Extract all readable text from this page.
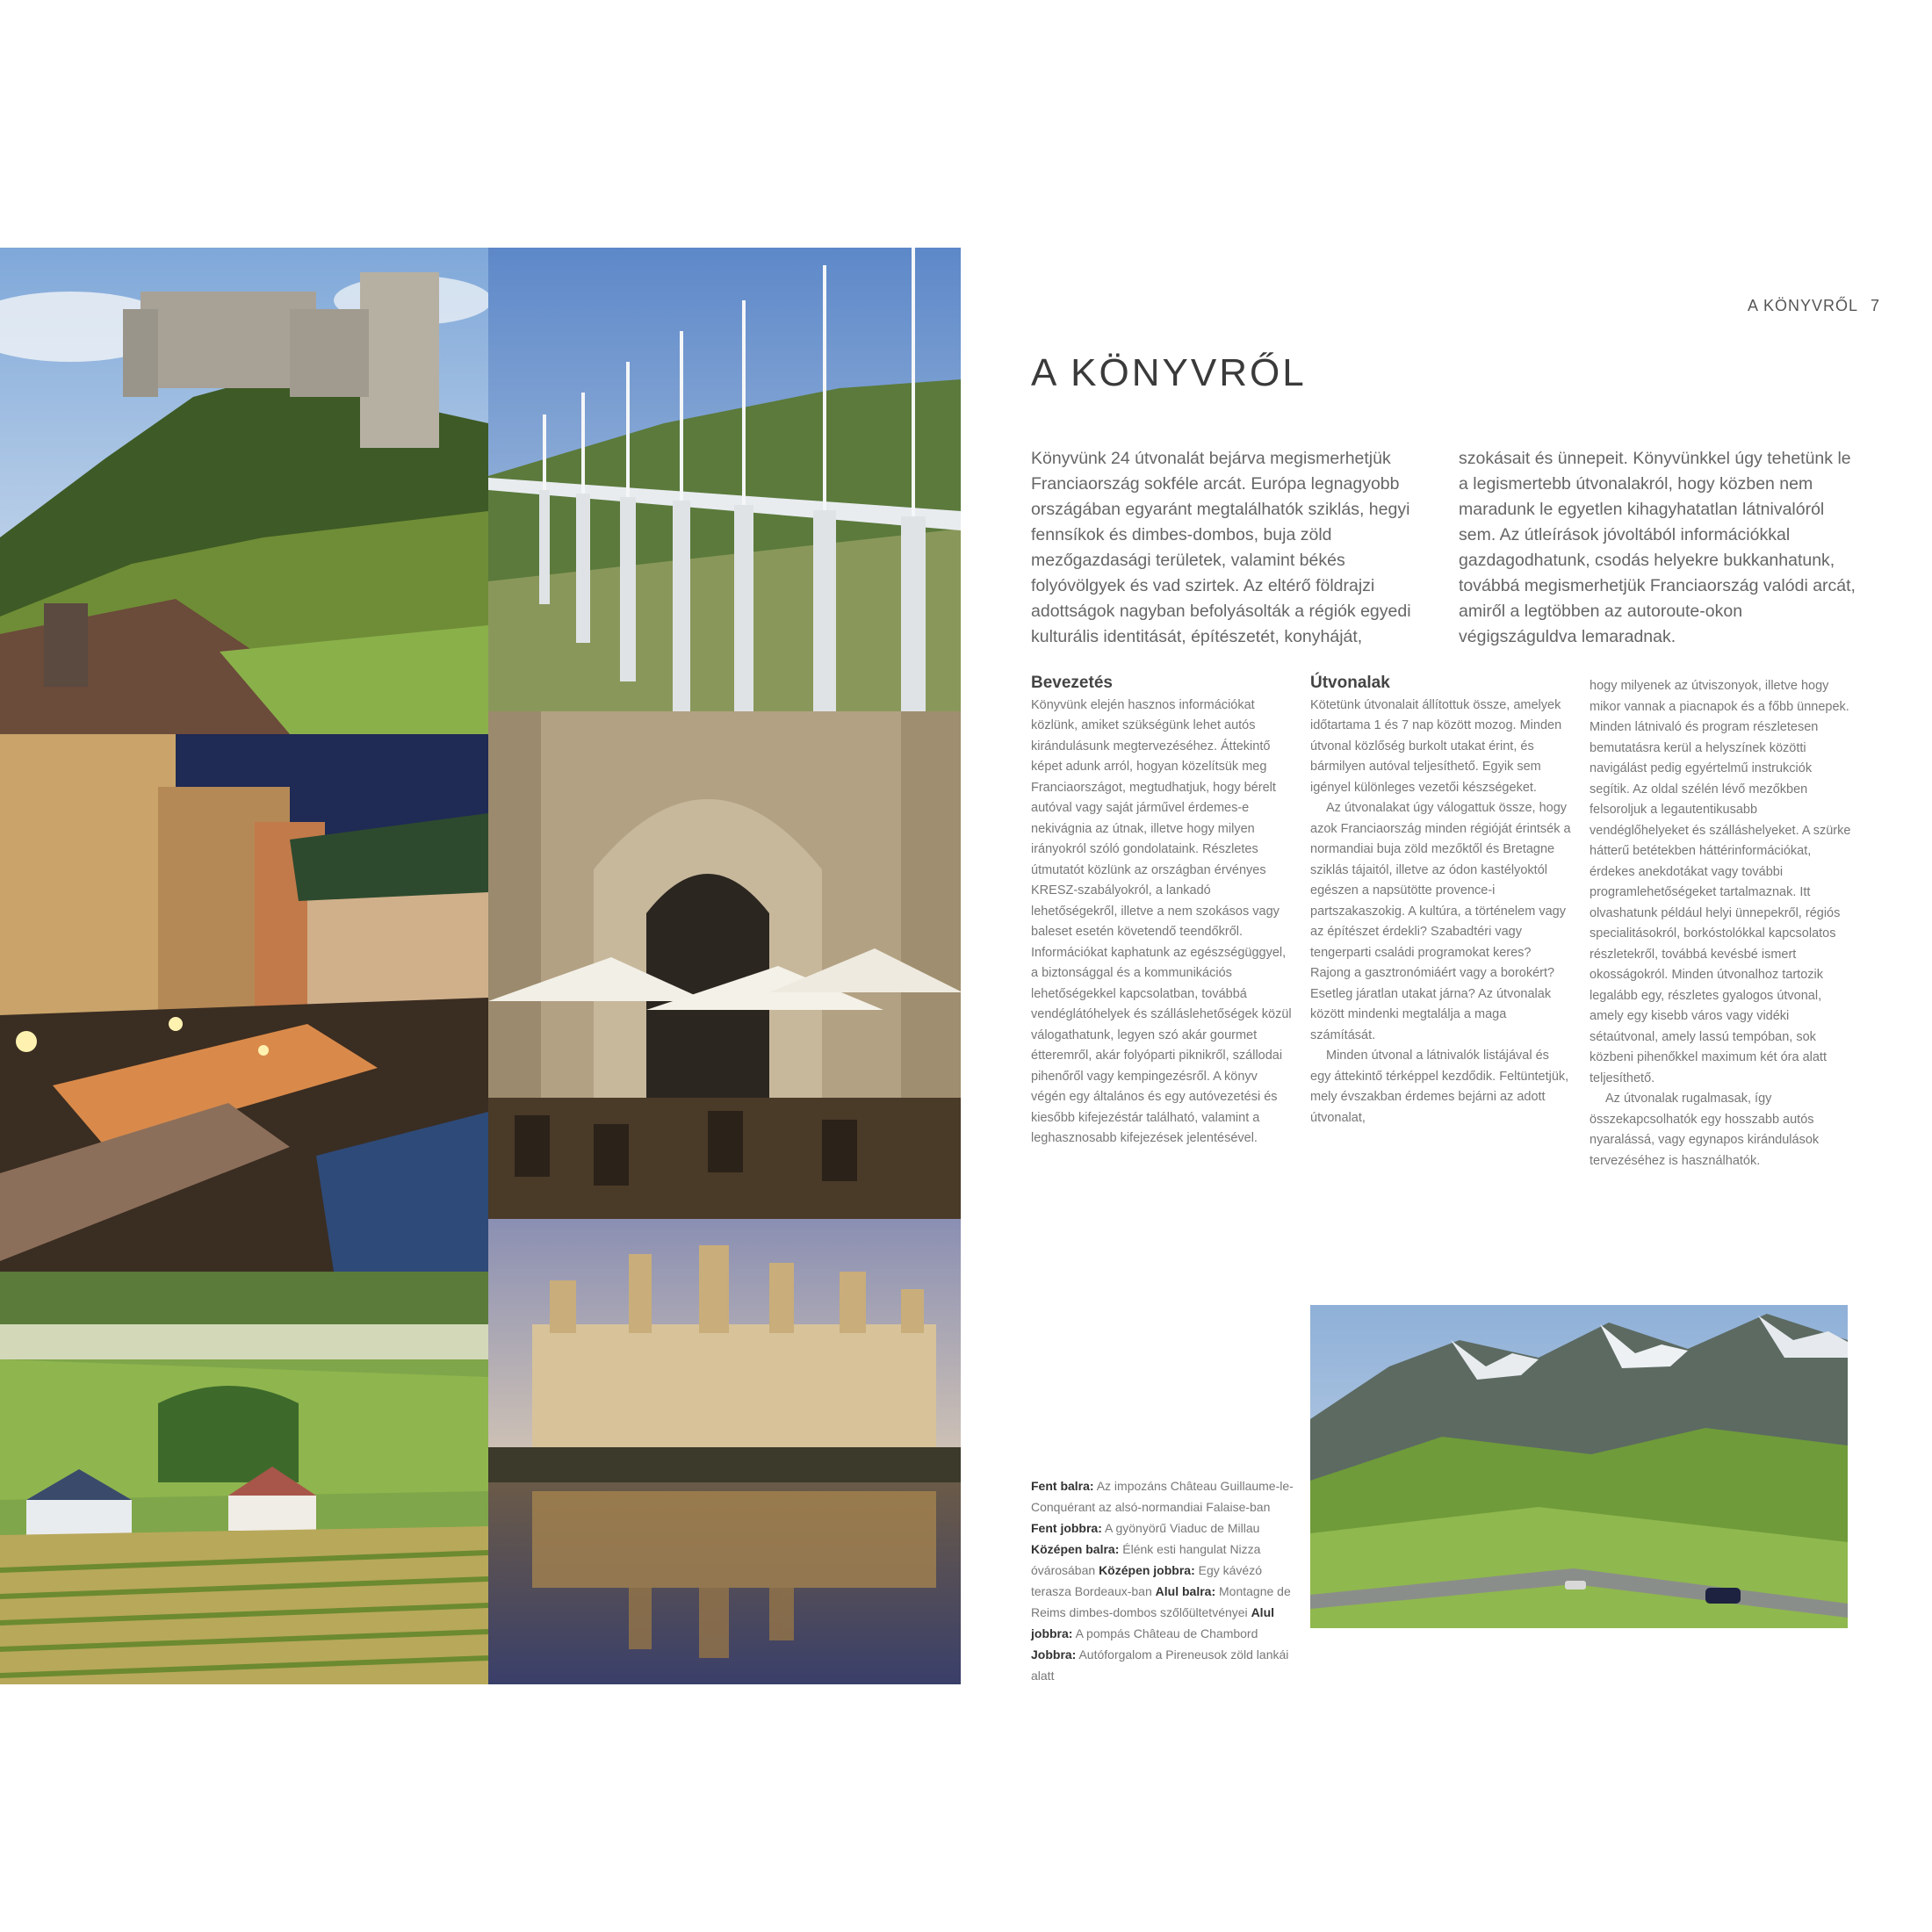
A KÖNYVRŐL 7
A KÖNYVRŐL

Könyvünk 24 útvonalát bejárva megismerhetjük Franciaország sokféle arcát. Európa legnagyobb országában egyaránt megtalálhatók sziklás, hegyi fennsíkok és dimbes-dombos, buja zöld mezőgazdasági területek, valamint békés folyóvölgyek és vad szirtek. Az eltérő földrajzi adottságok nagyban befolyásolták a régiók egyedi kulturális identitását, építészetét, konyháját, szokásait és ünnepeit. Könyvünkkel úgy tehetünk le a legismertebb útvonalakról, hogy közben nem maradunk le egyetlen kihagyhatatlan látnivalóról sem. Az útleírások jóvoltából információkkal gazdagodhatunk, csodás helyekre bukkanhatunk, továbbá megismerhetjük Franciaország valódi arcát, amiről a legtöbben az autoroute-okon végigszáguldva lemaradnak.

Bevezetés

Könyvünk elején hasznos információkat közlünk, amiket szükségünk lehet autós kirándulásunk megtervezéséhez. Áttekintő képet adunk arról, hogyan közelítsük meg Franciaországot, megtudhatjuk, hogy bérelt autóval vagy saját járművel érdemes-e nekivágnia az útnak, illetve hogy milyen irányokról szóló gondolataink. Részletes útmutatót közlünk az országban érvényes KRESZ-szabályokról, a lankadó lehetőségekről, illetve a nem szokásos vagy baleset esetén követendő teendőkről. Információkat kaphatunk az egészségüggyel, a biztonsággal és a kommunikációs lehetőségekkel kapcsolatban, továbbá vendéglátóhelyek és szálláslehetőségek közül válogathatunk, legyen szó akár gourmet étteremről, akár folyóparti piknikről, szállodai pihenőről vagy kempingezésről. A könyv végén egy általános és egy autóvezetési és kiesőbb kifejezéstár található, valamint a leghasznosabb kifejezések jelentésével.

Útvonalak

Kötetünk útvonalait állítottuk össze, amelyek időtartama 1 és 7 nap között mozog. Minden útvonal közlőség burkolt utakat érint, és bármilyen autóval teljesíthető. Egyik sem igényel különleges vezetői készségeket.

Az útvonalakat úgy válogattuk össze, hogy azok Franciaország minden régióját érintsék a normandiai buja zöld mezőktől és Bretagne sziklás tájaitól, illetve az ódon kastélyoktól egészen a napsütötte provence-i partszakaszokig. A kultúra, a történelem vagy az építészet érdekli? Szabadtéri vagy tengerparti családi programokat keres? Rajong a gasztronómiáért vagy a borokért? Esetleg járatlan utakat járna? Az útvonalak között mindenki megtalálja a maga számítását.

Minden útvonal a látnivalók listájával és egy áttekintő térképpel kezdődik. Feltüntetjük, mely évszakban érdemes bejárni az adott útvonalat,

hogy milyenek az útviszonyok, illetve hogy mikor vannak a piacnapok és a főbb ünnepek. Minden látnivaló és program részletesen bemutatásra kerül a helyszínek közötti navigálást pedig egyértelmű instrukciók segítik. Az oldal szélén lévő mezőkben felsoroljuk a legautentikusabb vendéglőhelyeket és szálláshelyeket. A szürke hátterű betétekben háttérinformációkat, érdekes anekdotákat vagy további programlehetőségeket tartalmaznak. Itt olvashatunk például helyi ünnepekről, régiós specialitásokról, borkóstolókkal kapcsolatos részletekről, továbbá kevésbé ismert okosságokról. Minden útvonalhoz tartozik legalább egy, részletes gyalogos útvonal, amely egy kisebb város vagy vidéki sétaútvonal, amely lassú tempóban, sok közbeni pihenőkkel maximum két óra alatt teljesíthető.

Az útvonalak rugalmasak, így összekapcsolhatók egy hosszabb autós nyaralássá, vagy egynapos kirándulások tervezéséhez is használhatók.

Fent balra: Az impozáns Château Guillaume-le-Conquérant az alsó-normandiai Falaise-ban Fent jobbra: A gyönyörű Viaduc de Millau Középen balra: Élénk esti hangulat Nizza óvárosában Középen jobbra: Egy kávézó terasza Bordeaux-ban Alul balra: Montagne de Reims dimbes-dombos szőlőültetvényei Alul jobbra: A pompás Château de Chambord Jobbra: Autóforgalom a Pireneusok zöld lankái alatt
